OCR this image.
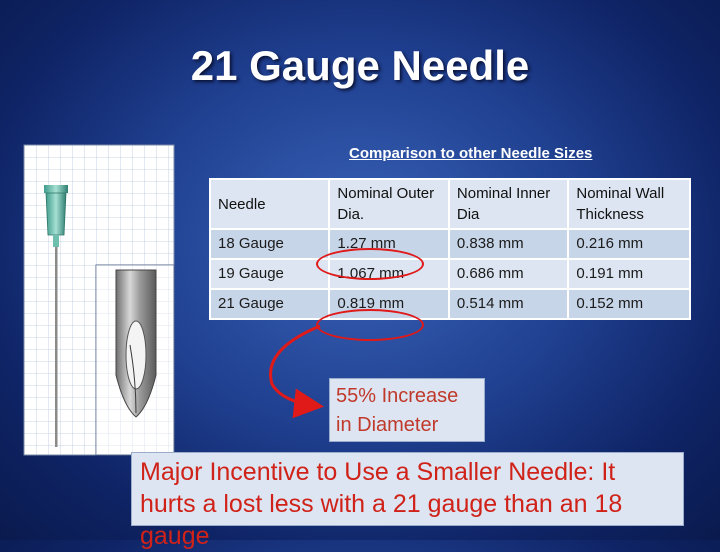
21 Gauge Needle
Comparison to other Needle Sizes
Needle	Nominal Outer Dia.	Nominal Inner Dia	Nominal Wall Thickness
18 Gauge	1.27 mm	0.838 mm	0.216 mm
19 Gauge	1.067 mm	0.686 mm	0.191 mm
21 Gauge	0.819 mm	0.514 mm	0.152 mm
55% Increase in Diameter
Major Incentive to Use a Smaller Needle: It hurts a lost less with a 21 gauge than an 18 gauge
